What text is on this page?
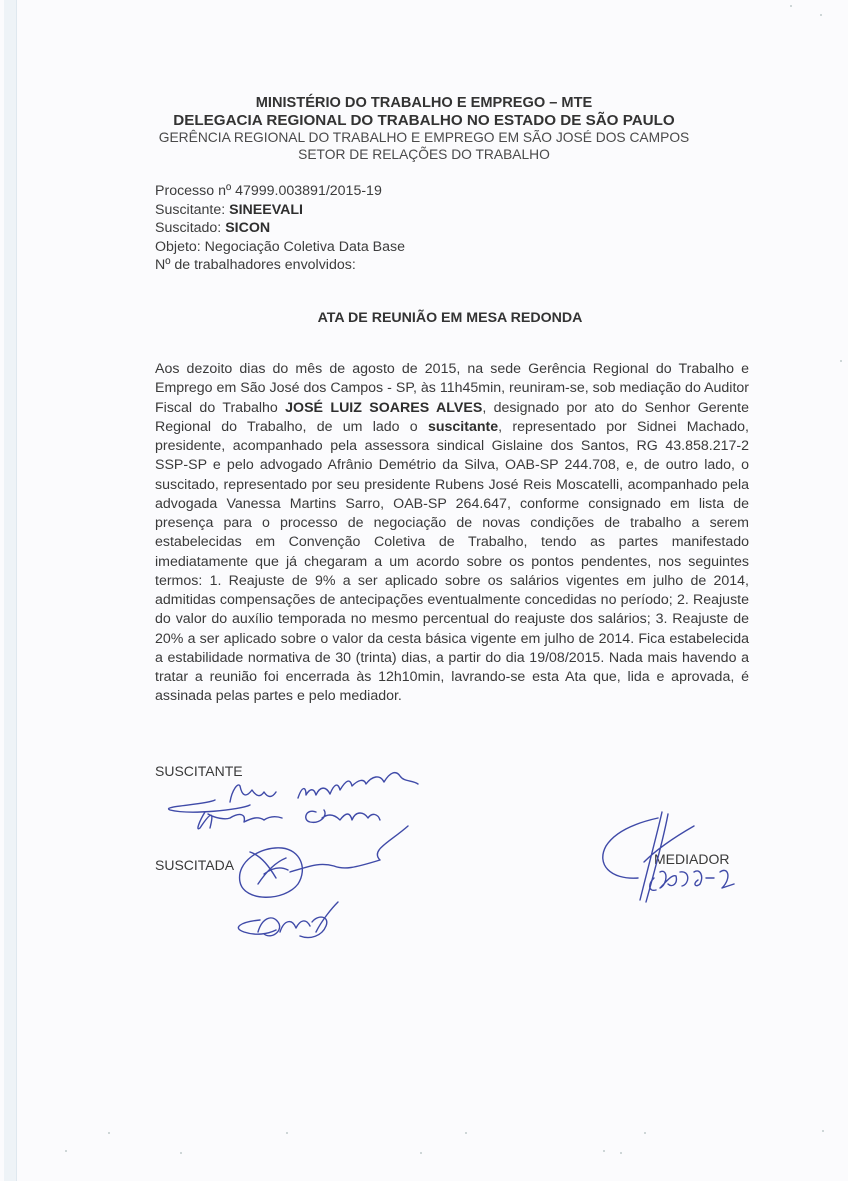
MINISTÉRIO DO TRABALHO E EMPREGO – MTE
DELEGACIA REGIONAL DO TRABALHO NO ESTADO DE SÃO PAULO
GERÊNCIA REGIONAL DO TRABALHO E EMPREGO EM SÃO JOSÉ DOS CAMPOS
SETOR DE RELAÇÕES DO TRABALHO
Processo nº 47999.003891/2015-19
Suscitante: SINEEVALI
Suscitado: SICON
Objeto: Negociação Coletiva Data Base
Nº de trabalhadores envolvidos:
ATA DE REUNIÃO EM MESA REDONDA
Aos dezoito dias do mês de agosto de 2015, na sede Gerência Regional do Trabalho e Emprego em São José dos Campos - SP, às 11h45min, reuniram-se, sob mediação do Auditor Fiscal do Trabalho JOSÉ LUIZ SOARES ALVES, designado por ato do Senhor Gerente Regional do Trabalho, de um lado o suscitante, representado por Sidnei Machado, presidente, acompanhado pela assessora sindical Gislaine dos Santos, RG 43.858.217-2 SSP-SP e pelo advogado Afrânio Demétrio da Silva, OAB-SP 244.708, e, de outro lado, o suscitado, representado por seu presidente Rubens José Reis Moscatelli, acompanhado pela advogada Vanessa Martins Sarro, OAB-SP 264.647, conforme consignado em lista de presença para o processo de negociação de novas condições de trabalho a serem estabelecidas em Convenção Coletiva de Trabalho, tendo as partes manifestado imediatamente que já chegaram a um acordo sobre os pontos pendentes, nos seguintes termos: 1. Reajuste de 9% a ser aplicado sobre os salários vigentes em julho de 2014, admitidas compensações de antecipações eventualmente concedidas no período; 2. Reajuste do valor do auxílio temporada no mesmo percentual do reajuste dos salários; 3. Reajuste de 20% a ser aplicado sobre o valor da cesta básica vigente em julho de 2014. Fica estabelecida a estabilidade normativa de 30 (trinta) dias, a partir do dia 19/08/2015. Nada mais havendo a tratar a reunião foi encerrada às 12h10min, lavrando-se esta Ata que, lida e aprovada, é assinada pelas partes e pelo mediador.
SUSCITANTE
SUSCITADA	MEDIADOR
